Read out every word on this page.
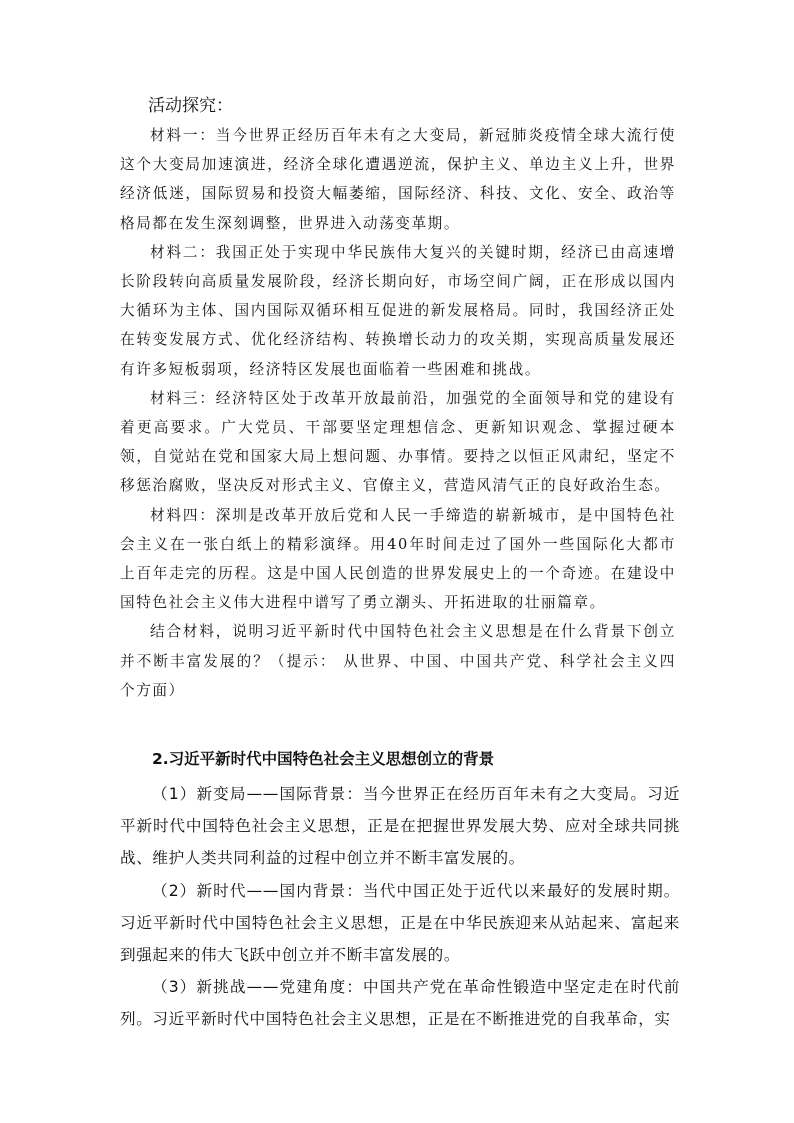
活动探究：

材料一：当今世界正经历百年未有之大变局，新冠肺炎疫情全球大流行使这个大变局加速演进，经济全球化遭遇逆流，保护主义、单边主义上升，世界经济低迷，国际贸易和投资大幅萎缩，国际经济、科技、文化、安全、政治等格局都在发生深刻调整，世界进入动荡变革期。

材料二：我国正处于实现中华民族伟大复兴的关键时期，经济已由高速增长阶段转向高质量发展阶段，经济长期向好，市场空间广阔，正在形成以国内大循环为主体、国内国际双循环相互促进的新发展格局。同时，我国经济正处在转变发展方式、优化经济结构、转换增长动力的攻关期，实现高质量发展还有许多短板弱项，经济特区发展也面临着一些困难和挑战。

材料三：经济特区处于改革开放最前沿，加强党的全面领导和党的建设有着更高要求。广大党员、干部要坚定理想信念、更新知识观念、掌握过硬本领，自觉站在党和国家大局上想问题、办事情。要持之以恒正风肃纪，坚定不移惩治腐败，坚决反对形式主义、官僚主义，营造风清气正的良好政治生态。

材料四：深圳是改革开放后党和人民一手缔造的崭新城市，是中国特色社会主义在一张白纸上的精彩演绎。用40年时间走过了国外一些国际化大都市上百年走完的历程。这是中国人民创造的世界发展史上的一个奇迹。在建设中国特色社会主义伟大进程中谱写了勇立潮头、开拓进取的壮丽篇章。

结合材料，说明习近平新时代中国特色社会主义思想是在什么背景下创立并不断丰富发展的？（提示： 从世界、中国、中国共产党、科学社会主义四个方面）

2.习近平新时代中国特色社会主义思想创立的背景

（1）新变局——国际背景：当今世界正在经历百年未有之大变局。习近平新时代中国特色社会主义思想，正是在把握世界发展大势、应对全球共同挑战、维护人类共同利益的过程中创立并不断丰富发展的。

（2）新时代——国内背景：当代中国正处于近代以来最好的发展时期。习近平新时代中国特色社会主义思想，正是在中华民族迎来从站起来、富起来到强起来的伟大飞跃中创立并不断丰富发展的。

（3）新挑战——党建角度：中国共产党在革命性锻造中坚定走在时代前列。习近平新时代中国特色社会主义思想，正是在不断推进党的自我革命，实
